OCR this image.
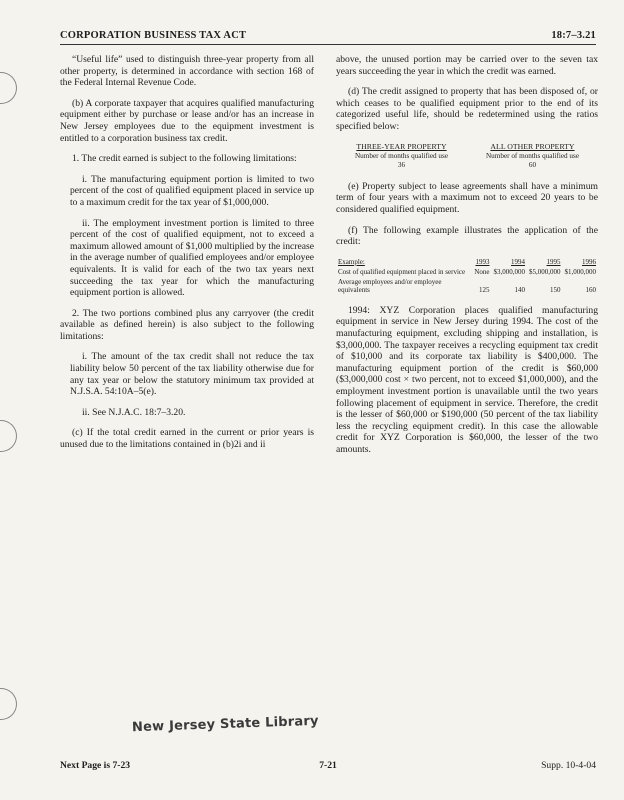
CORPORATION BUSINESS TAX ACT	18:7–3.21

“Useful life” used to distinguish three-year property from all other property, is determined in accordance with section 168 of the Federal Internal Revenue Code.

(b) A corporate taxpayer that acquires qualified manufacturing equipment either by purchase or lease and/or has an increase in New Jersey employees due to the equipment investment is entitled to a corporation business tax credit.

1. The credit earned is subject to the following limitations:

i. The manufacturing equipment portion is limited to two percent of the cost of qualified equipment placed in service up to a maximum credit for the tax year of $1,000,000.

ii. The employment investment portion is limited to three percent of the cost of qualified equipment, not to exceed a maximum allowed amount of $1,000 multiplied by the increase in the average number of qualified employees and/or employee equivalents. It is valid for each of the two tax years next succeeding the tax year for which the manufacturing equipment portion is allowed.

2. The two portions combined plus any carryover (the credit available as defined herein) is also subject to the following limitations:

i. The amount of the tax credit shall not reduce the tax liability below 50 percent of the tax liability otherwise due for any tax year or below the statutory minimum tax provided at N.J.S.A. 54:10A–5(e).

ii. See N.J.A.C. 18:7–3.20.

(c) If the total credit earned in the current or prior years is unused due to the limitations contained in (b)2i and ii

above, the unused portion may be carried over to the seven tax years succeeding the year in which the credit was earned.

(d) The credit assigned to property that has been disposed of, or which ceases to be qualified equipment prior to the end of its categorized useful life, should be redetermined using the ratios specified below:

THREE-YEAR PROPERTY	ALL OTHER PROPERTY
Number of months qualified use	Number of months qualified use
36	60

(e) Property subject to lease agreements shall have a minimum term of four years with a maximum not to exceed 20 years to be considered qualified equipment.

(f) The following example illustrates the application of the credit:

Example:	1993	1994	1995	1996
Cost of qualified equipment placed in service	None	$3,000,000	$5,000,000	$1,000,000
Average employees and/or employee equivalents	125	140	150	160

1994: XYZ Corporation places qualified manufacturing equipment in service in New Jersey during 1994. The cost of the manufacturing equipment, excluding shipping and installation, is $3,000,000. The taxpayer receives a recycling equipment tax credit of $10,000 and its corporate tax liability is $400,000. The manufacturing equipment portion of the credit is $60,000 ($3,000,000 cost × two percent, not to exceed $1,000,000), and the employment investment portion is unavailable until the two years following placement of equipment in service. Therefore, the credit is the lesser of $60,000 or $190,000 (50 percent of the tax liability less the recycling equipment credit). In this case the allowable credit for XYZ Corporation is $60,000, the lesser of the two amounts.

New Jersey State Library
Next Page is 7-23	7-21	Supp. 10-4-04
